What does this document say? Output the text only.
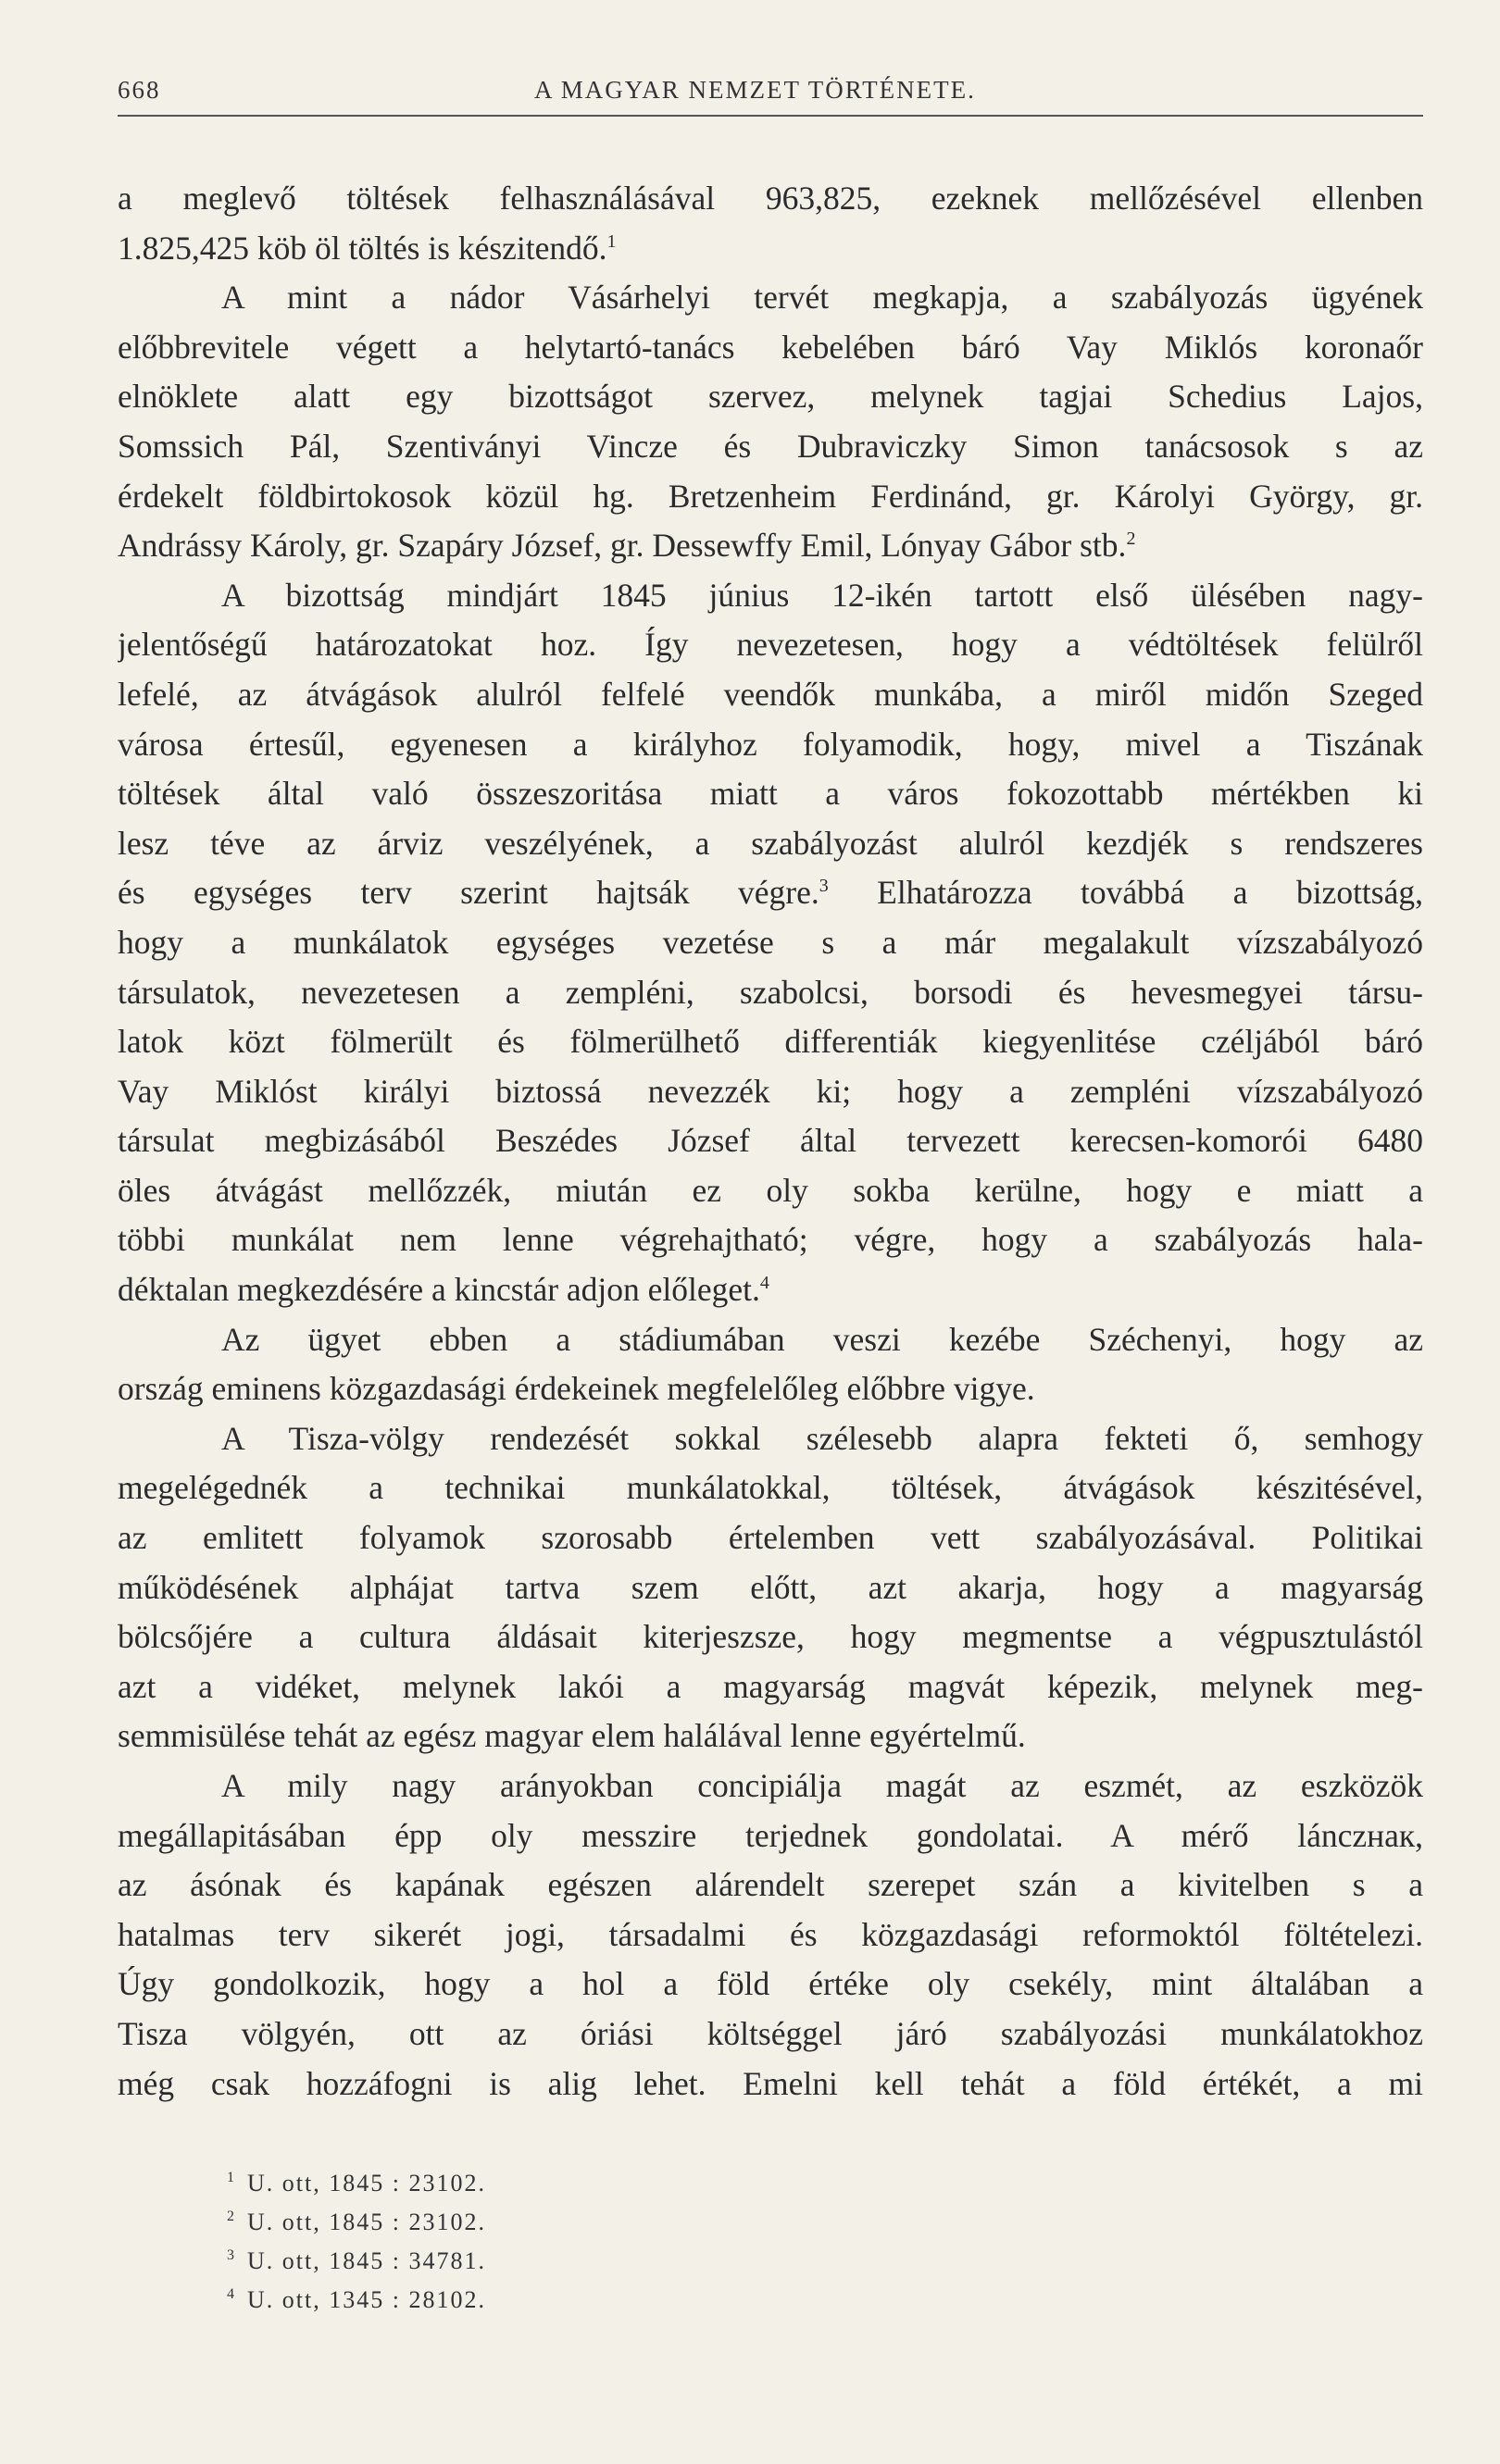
668	A MAGYAR NEMZET TÖRTÉNETE.
a meglevő töltések felhasználásával 963,825, ezeknek mellőzésével ellenben
1.825,425 köb öl töltés is készitendő.$^1$
A mint a nádor Vásárhelyi tervét megkapja, a szabályozás ügyének
előbbrevitele végett a helytartó-tanács kebelében báró Vay Miklós koronaőr
elnöklete alatt egy bizottságot szervez, melynek tagjai Schedius Lajos,
Somssich Pál, Szentiványi Vincze és Dubraviczky Simon tanácsosok s az
érdekelt földbirtokosok közül hg. Bretzenheim Ferdinánd, gr. Károlyi György, gr.
Andrássy Károly, gr. Szapáry József, gr. Dessewffy Emil, Lónyay Gábor stb.$^2$
A bizottság mindjárt 1845 június 12-ikén tartott első ülésében nagy-
jelentőségű határozatokat hoz. Így nevezetesen, hogy a védtöltések felülről
lefelé, az átvágások alulról felfelé veendők munkába, a miről midőn Szeged
városa értesűl, egyenesen a királyhoz folyamodik, hogy, mivel a Tiszának
töltések által való összeszoritása miatt a város fokozottabb mértékben ki
lesz téve az árviz veszélyének, a szabályozást alulról kezdjék s rendszeres
és egységes terv szerint hajtsák végre.$^3$ Elhatározza továbbá a bizottság,
hogy a munkálatok egységes vezetése s a már megalakult vízszabályozó
társulatok, nevezetesen a zempléni, szabolcsi, borsodi és hevesmegyei társu-
latok közt fölmerült és fölmerülhető differentiák kiegyenlitése czéljából báró
Vay Miklóst királyi biztossá nevezzék ki; hogy a zempléni vízszabályozó
társulat megbizásából Beszédes József által tervezett kerecsen-komorói 6480
öles átvágást mellőzzék, miután ez oly sokba kerülne, hogy e miatt a
többi munkálat nem lenne végrehajtható; végre, hogy a szabályozás hala-
déktalan megkezdésére a kincstár adjon előleget.$^4$
Az ügyet ebben a stádiumában veszi kezébe Széchenyi, hogy az
ország eminens közgazdasági érdekeinek megfelelőleg előbbre vigye.
A Tisza-völgy rendezését sokkal szélesebb alapra fekteti ő, semhogy
megelégednék a technikai munkálatokkal, töltések, átvágások készitésével,
az emlitett folyamok szorosabb értelemben vett szabályozásával. Politikai
működésének alphájat tartva szem előtt, azt akarja, hogy a magyarság
bölcsőjére a cultura áldásait kiterjeszsze, hogy megmentse a végpusztulástól
azt a vidéket, melynek lakói a magyarság magvát képezik, melynek meg-
semmisülése tehát az egész magyar elem halálával lenne egyértelmű.
A mily nagy arányokban concipiálja magát az eszmét, az eszközök
megállapitásában épp oly messzire terjednek gondolatai. A mérő lánczнак,
az ásónak és kapának egészen alárendelt szerepet szán a kivitelben s a
hatalmas terv sikerét jogi, társadalmi és közgazdasági reformoktól föltételezi.
Úgy gondolkozik, hogy a hol a föld értéke oly csekély, mint általában a
Tisza völgyén, ott az óriási költséggel járó szabályozási munkálatokhoz
még csak hozzáfogni is alig lehet. Emelni kell tehát a föld értékét, a mi
$^1$ U. ott, 1845 : 23102.
$^2$ U. ott, 1845 : 23102.
$^3$ U. ott, 1845 : 34781.
$^4$ U. ott, 1345 : 28102.
